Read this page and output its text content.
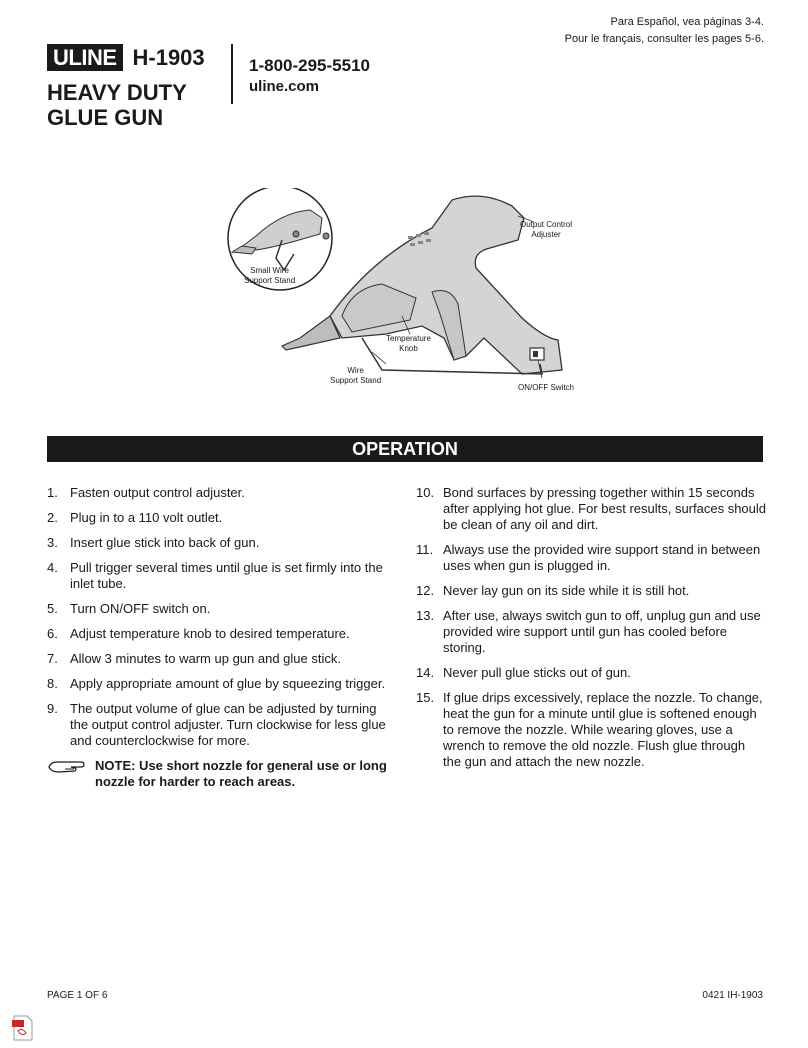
Para Español, vea páginas 3-4.
Pour le français, consulter les pages 5-6.
ULINE H-1903
HEAVY DUTY
GLUE GUN
1-800-295-5510
uline.com
Small Wire
Support Stand
Output Control
Adjuster
Temperature
Knob
Wire
Support Stand
ON/OFF Switch
OPERATION
1. Fasten output control adjuster.
2. Plug in to a 110 volt outlet.
3. Insert glue stick into back of gun.
4. Pull trigger several times until glue is set firmly into the inlet tube.
5. Turn ON/OFF switch on.
6. Adjust temperature knob to desired temperature.
7. Allow 3 minutes to warm up gun and glue stick.
8. Apply appropriate amount of glue by squeezing trigger.
9. The output volume of glue can be adjusted by turning the output control adjuster. Turn clockwise for less glue and counterclockwise for more.
NOTE: Use short nozzle for general use or long nozzle for harder to reach areas.
10. Bond surfaces by pressing together within 15 seconds after applying hot glue. For best results, surfaces should be clean of any oil and dirt.
11. Always use the provided wire support stand in between uses when gun is plugged in.
12. Never lay gun on its side while it is still hot.
13. After use, always switch gun to off, unplug gun and use provided wire support until gun has cooled before storing.
14. Never pull glue sticks out of gun.
15. If glue drips excessively, replace the nozzle. To change, heat the gun for a minute until glue is softened enough to remove the nozzle. While wearing gloves, use a wrench to remove the old nozzle. Flush glue through the gun and attach the new nozzle.
PAGE 1 OF 6	0421 IH-1903
